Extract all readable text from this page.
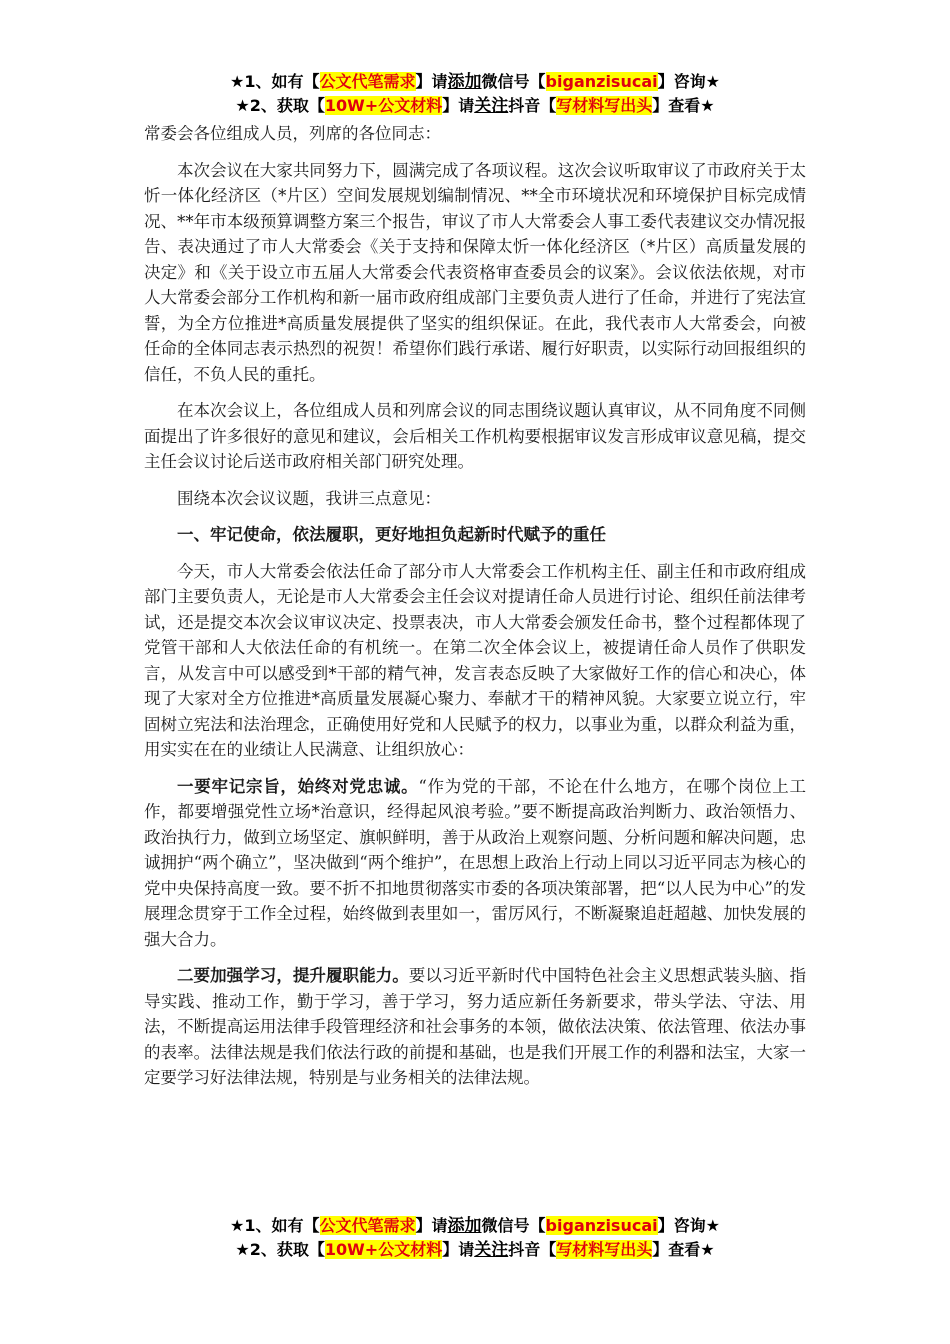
★1、如有【公文代笔需求】请添加微信号【biganzisucai】咨询★
★2、获取【10W+公文材料】请关注抖音【写材料写出头】查看★

常委会各位组成人员，列席的各位同志：

本次会议在大家共同努力下，圆满完成了各项议程。这次会议听取审议了市政府关于太忻一体化经济区（*片区）空间发展规划编制情况、**全市环境状况和环境保护目标完成情况、**年市本级预算调整方案三个报告，审议了市人大常委会人事工委代表建议交办情况报告、表决通过了市人大常委会《关于支持和保障太忻一体化经济区（*片区）高质量发展的决定》和《关于设立市五届人大常委会代表资格审查委员会的议案》。会议依法依规，对市人大常委会部分工作机构和新一届市政府组成部门主要负责人进行了任命，并进行了宪法宣誓，为全方位推进*高质量发展提供了坚实的组织保证。在此，我代表市人大常委会，向被任命的全体同志表示热烈的祝贺！希望你们践行承诺、履行好职责，以实际行动回报组织的信任，不负人民的重托。

在本次会议上，各位组成人员和列席会议的同志围绕议题认真审议，从不同角度不同侧面提出了许多很好的意见和建议，会后相关工作机构要根据审议发言形成审议意见稿，提交主任会议讨论后送市政府相关部门研究处理。

围绕本次会议议题，我讲三点意见：

一、牢记使命，依法履职，更好地担负起新时代赋予的重任

今天，市人大常委会依法任命了部分市人大常委会工作机构主任、副主任和市政府组成部门主要负责人，无论是市人大常委会主任会议对提请任命人员进行讨论、组织任前法律考试，还是提交本次会议审议决定、投票表决，市人大常委会颁发任命书，整个过程都体现了党管干部和人大依法任命的有机统一。在第二次全体会议上，被提请任命人员作了供职发言，从发言中可以感受到*干部的精气神，发言表态反映了大家做好工作的信心和决心，体现了大家对全方位推进*高质量发展凝心聚力、奉献才干的精神风貌。大家要立说立行，牢固树立宪法和法治理念，正确使用好党和人民赋予的权力，以事业为重，以群众利益为重，用实实在在的业绩让人民满意、让组织放心：

一要牢记宗旨，始终对党忠诚。“作为党的干部，不论在什么地方，在哪个岗位上工作，都要增强党性立场*治意识，经得起风浪考验。”要不断提高政治判断力、政治领悟力、政治执行力，做到立场坚定、旗帜鲜明，善于从政治上观察问题、分析问题和解决问题，忠诚拥护“两个确立”，坚决做到“两个维护”，在思想上政治上行动上同以习近平同志为核心的党中央保持高度一致。要不折不扣地贯彻落实市委的各项决策部署，把“以人民为中心”的发展理念贯穿于工作全过程，始终做到表里如一，雷厉风行，不断凝聚追赶超越、加快发展的强大合力。

二要加强学习，提升履职能力。要以习近平新时代中国特色社会主义思想武装头脑、指导实践、推动工作，勤于学习，善于学习，努力适应新任务新要求，带头学法、守法、用法，不断提高运用法律手段管理经济和社会事务的本领，做依法决策、依法管理、依法办事的表率。法律法规是我们依法行政的前提和基础，也是我们开展工作的利器和法宝，大家一定要学习好法律法规，特别是与业务相关的法律法规。

★1、如有【公文代笔需求】请添加微信号【biganzisucai】咨询★
★2、获取【10W+公文材料】请关注抖音【写材料写出头】查看★
